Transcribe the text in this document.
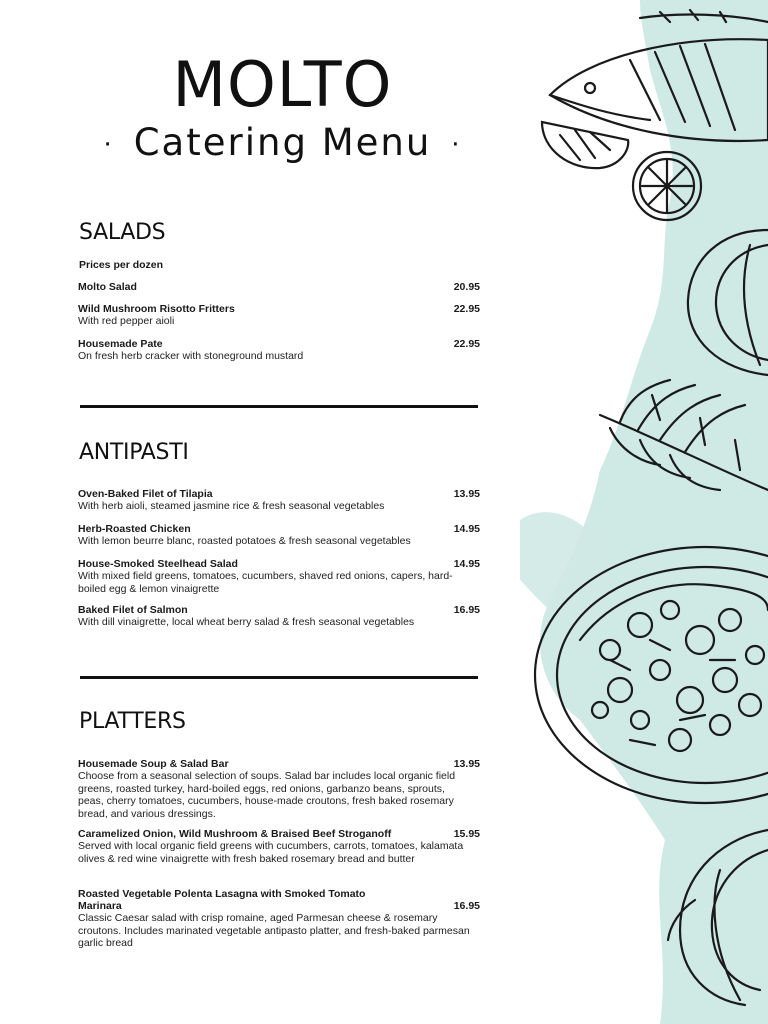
MOLTO
· Catering Menu ·
SALADS
Prices per dozen
Molto Salad	20.95
Wild Mushroom Risotto Fritters	22.95
With red pepper aioli
Housemade Pate	22.95
On fresh herb cracker with stoneground mustard
ANTIPASTI
Oven-Baked Filet of Tilapia	13.95
With herb aioli, steamed jasmine rice & fresh seasonal vegetables
Herb-Roasted Chicken	14.95
With lemon beurre blanc, roasted potatoes & fresh seasonal vegetables
House-Smoked Steelhead Salad	14.95
With mixed field greens, tomatoes, cucumbers, shaved red onions, capers, hard-boiled egg & lemon vinaigrette
Baked Filet of Salmon	16.95
With dill vinaigrette, local wheat berry salad & fresh seasonal vegetables
PLATTERS
Housemade Soup & Salad Bar	13.95
Choose from a seasonal selection of soups. Salad bar includes local organic field greens, roasted turkey, hard-boiled eggs, red onions, garbanzo beans, sprouts, peas, cherry tomatoes, cucumbers, house-made croutons, fresh baked rosemary bread, and various dressings.
Caramelized Onion, Wild Mushroom & Braised Beef Stroganoff	15.95
Served with local organic field greens with cucumbers, carrots, tomatoes, kalamata olives & red wine vinaigrette with fresh baked rosemary bread and butter
Roasted Vegetable Polenta Lasagna with Smoked Tomato Marinara	16.95
Classic Caesar salad with crisp romaine, aged Parmesan cheese & rosemary croutons. Includes marinated vegetable antipasto platter, and fresh-baked parmesan garlic bread
